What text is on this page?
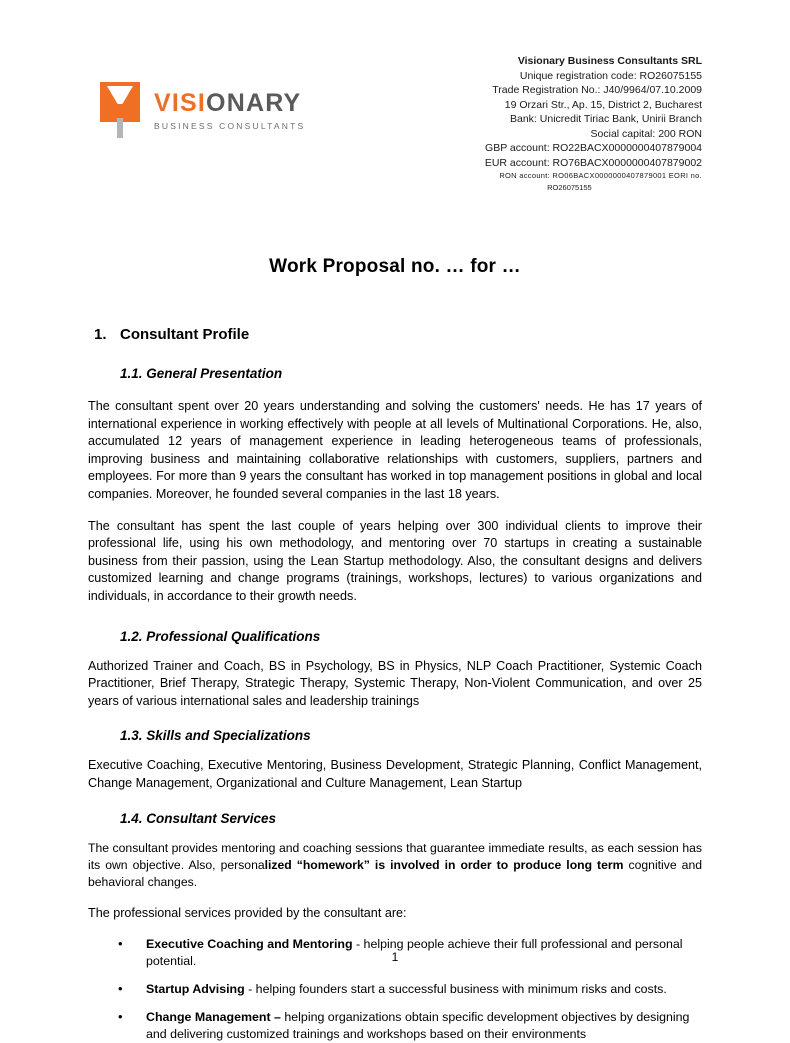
VISIONARY
BUSINESS CONSULTANTS
Visionary Business Consultants SRL
Unique registration code: RO26075155
Trade Registration No.: J40/9964/07.10.2009
19 Orzari Str., Ap. 15, District 2, Bucharest
Bank: Unicredit Tiriac Bank, Unirii Branch
Social capital: 200 RON
GBP account: RO22BACX0000000407879004
EUR account: RO76BACX0000000407879002
RON account: RO06BACX0000000407879001 EORI no.
RO26075155
Work Proposal no. … for …
1. Consultant Profile
1.1. General Presentation

The consultant spent over 20 years understanding and solving the customers' needs. He has 17 years of international experience in working effectively with people at all levels of Multinational Corporations. He, also, accumulated 12 years of management experience in leading heterogeneous teams of professionals, improving business and maintaining collaborative relationships with customers, suppliers, partners and employees. For more than 9 years the consultant has worked in top management positions in global and local companies. Moreover, he founded several companies in the last 18 years.

The consultant has spent the last couple of years helping over 300 individual clients to improve their professional life, using his own methodology, and mentoring over 70 startups in creating a sustainable business from their passion, using the Lean Startup methodology. Also, the consultant designs and delivers customized learning and change programs (trainings, workshops, lectures) to various organizations and individuals, in accordance to their growth needs.

1.2. Professional Qualifications

Authorized Trainer and Coach, BS in Psychology, BS in Physics, NLP Coach Practitioner, Systemic Coach Practitioner, Brief Therapy, Strategic Therapy, Systemic Therapy, Non-Violent Communication, and over 25 years of various international sales and leadership trainings

1.3. Skills and Specializations

Executive Coaching, Executive Mentoring, Business Development, Strategic Planning, Conflict Management, Change Management, Organizational and Culture Management, Lean Startup

1.4. Consultant Services

The consultant provides mentoring and coaching sessions that guarantee immediate results, as each session has its own objective. Also, personalized “homework” is involved in order to produce long term cognitive and behavioral changes.

The professional services provided by the consultant are:

• Executive Coaching and Mentoring - helping people achieve their full professional and personal potential.
• Startup Advising - helping founders start a successful business with minimum risks and costs.
• Change Management – helping organizations obtain specific development objectives by designing and delivering customized trainings and workshops based on their environments
1
